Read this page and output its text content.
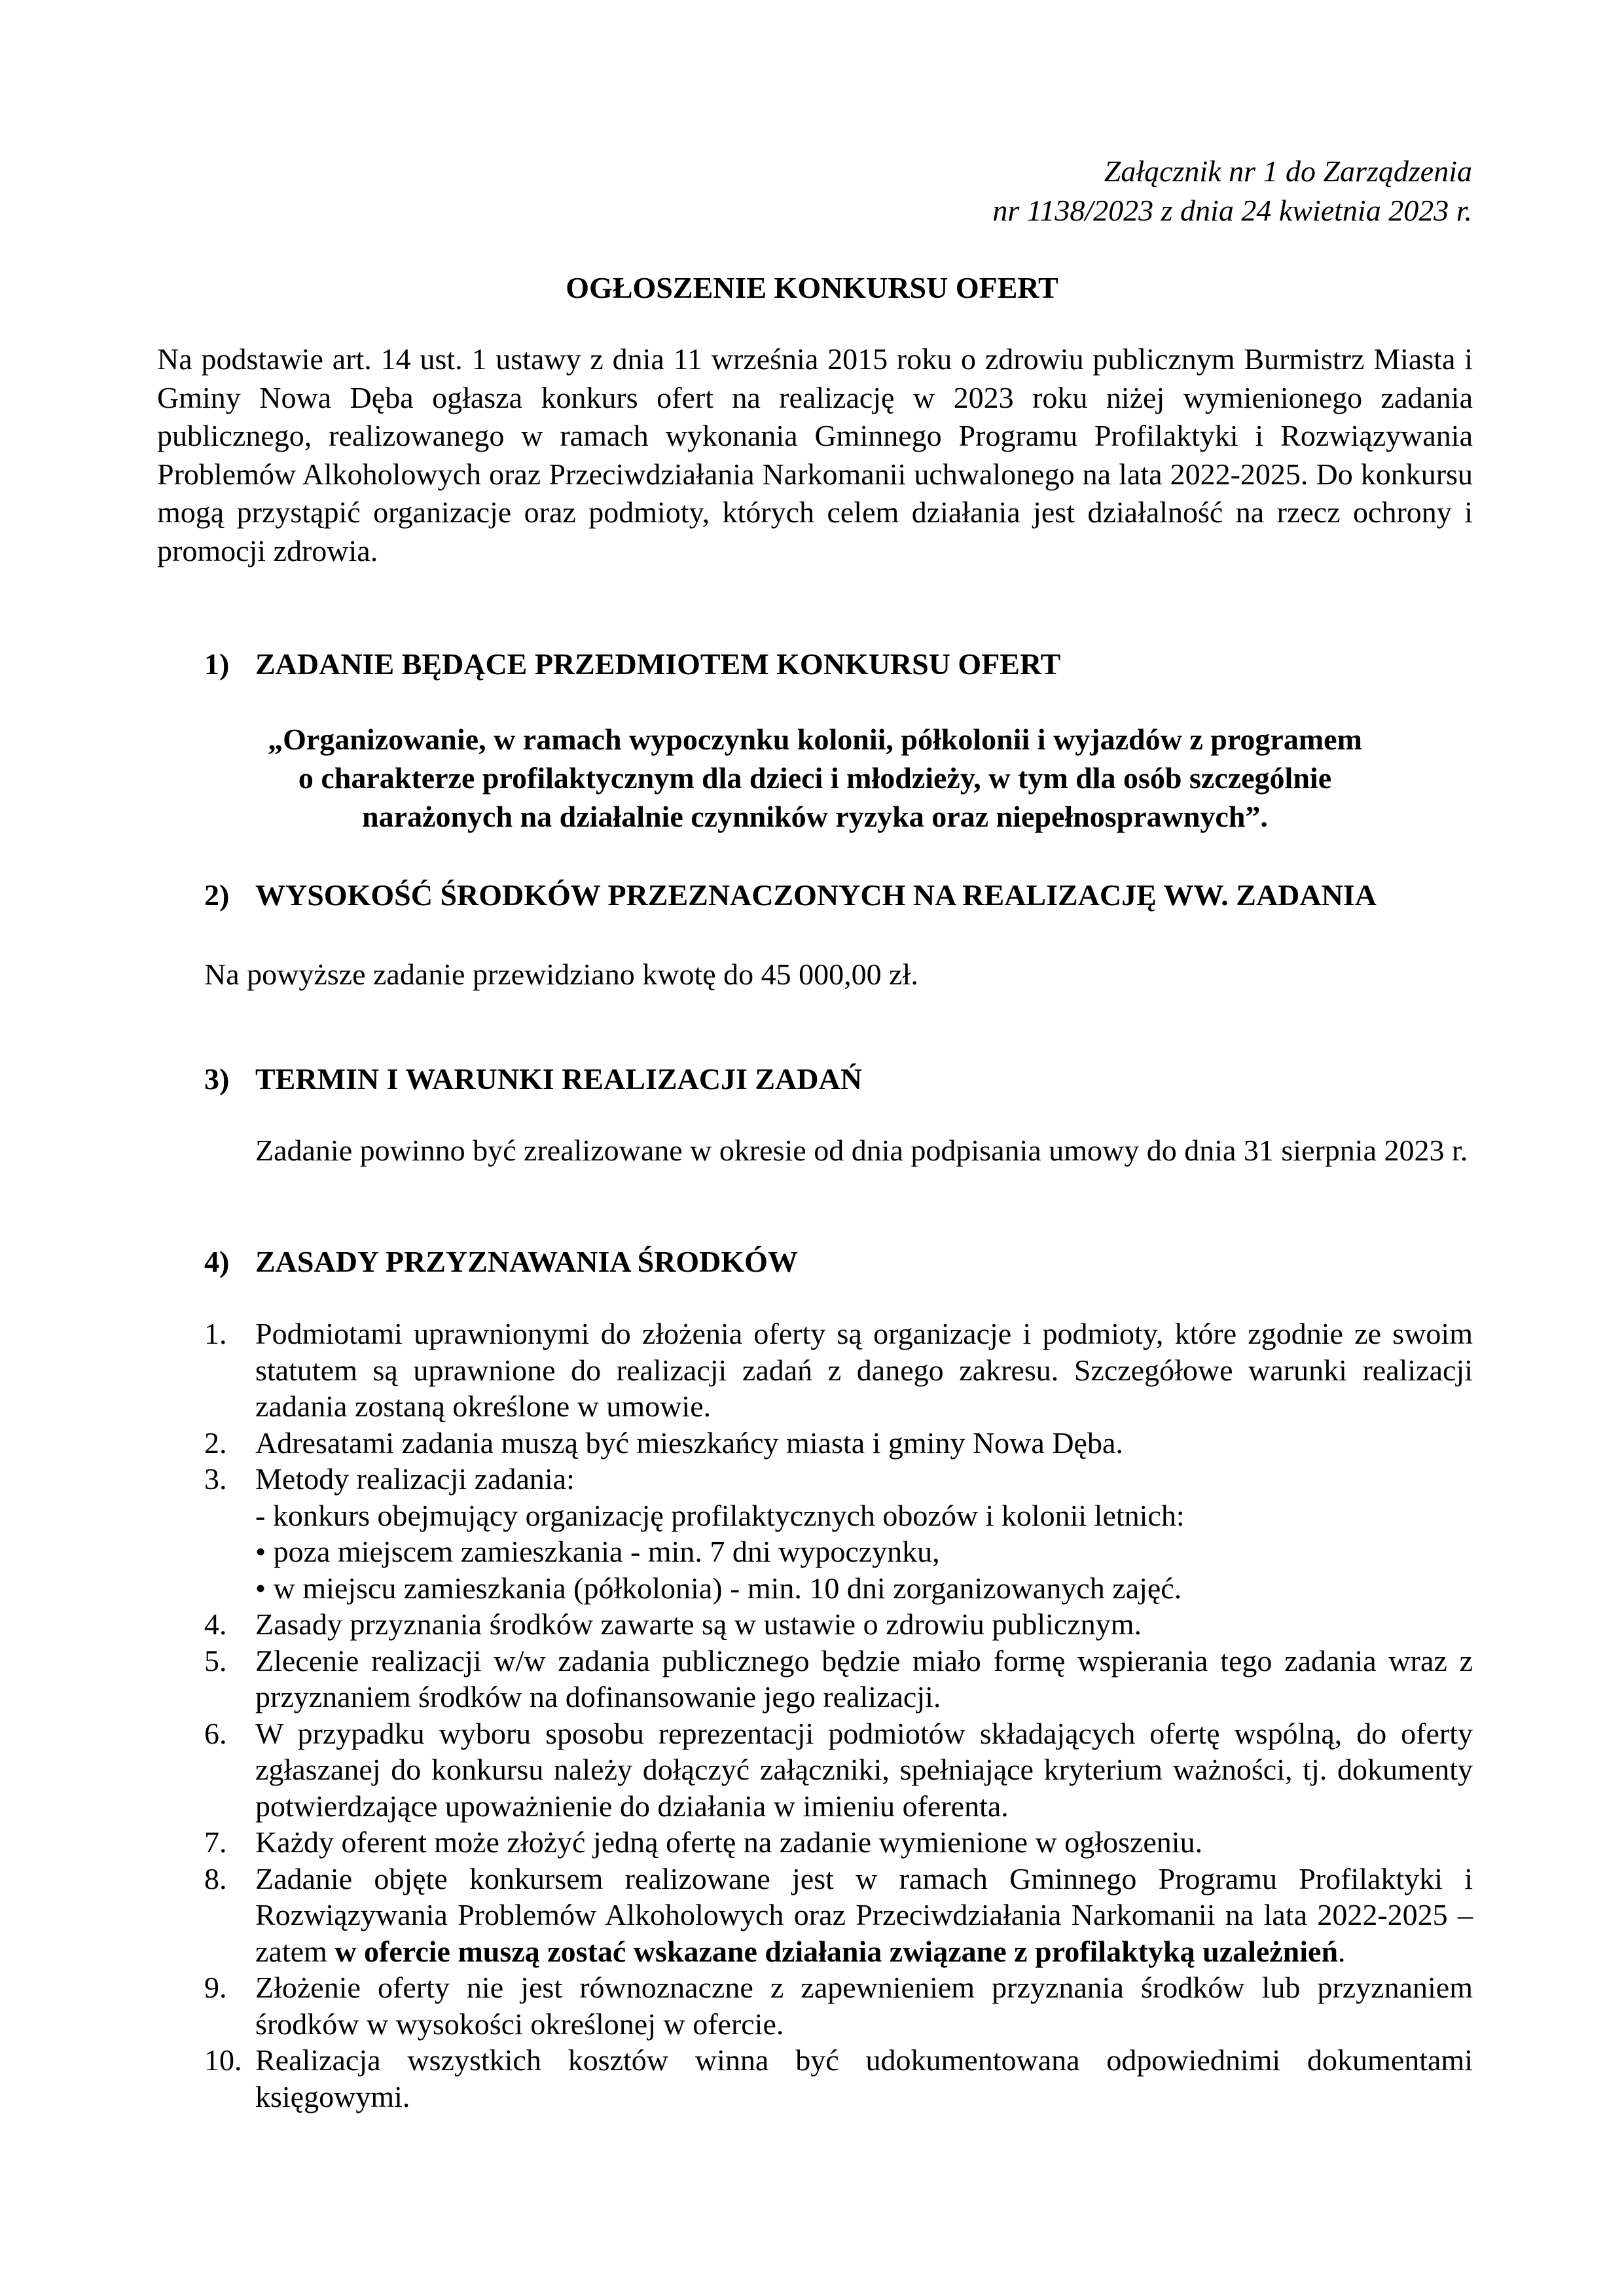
Załącznik nr 1 do Zarządzenia
nr 1138/2023 z dnia 24 kwietnia 2023 r.
OGŁOSZENIE KONKURSU OFERT
Na podstawie art. 14 ust. 1 ustawy z dnia 11 września 2015 roku o zdrowiu publicznym Burmistrz Miasta i Gminy Nowa Dęba ogłasza konkurs ofert na realizację w 2023 roku niżej wymienionego zadania publicznego, realizowanego w ramach wykonania Gminnego Programu Profilaktyki i Rozwiązywania Problemów Alkoholowych oraz Przeciwdziałania Narkomanii uchwalonego na lata 2022-2025. Do konkursu mogą przystąpić organizacje oraz podmioty, których celem działania jest działalność na rzecz ochrony i promocji zdrowia.
1) ZADANIE BĘDĄCE PRZEDMIOTEM KONKURSU OFERT
„Organizowanie, w ramach wypoczynku kolonii, półkolonii i wyjazdów z programem
o charakterze profilaktycznym dla dzieci i młodzieży, w tym dla osób szczególnie
narażonych na działalnie czynników ryzyka oraz niepełnosprawnych”.
2) WYSOKOŚĆ ŚRODKÓW PRZEZNACZONYCH NA REALIZACJĘ WW. ZADANIA
Na powyższe zadanie przewidziano kwotę do 45 000,00 zł.
3) TERMIN I WARUNKI REALIZACJI ZADAŃ
Zadanie powinno być zrealizowane w okresie od dnia podpisania umowy do dnia 31 sierpnia 2023 r.
4) ZASADY PRZYZNAWANIA ŚRODKÓW
1. Podmiotami uprawnionymi do złożenia oferty są organizacje i podmioty, które zgodnie ze swoim statutem są uprawnione do realizacji zadań z danego zakresu. Szczegółowe warunki realizacji zadania zostaną określone w umowie.
2. Adresatami zadania muszą być mieszkańcy miasta i gminy Nowa Dęba.
3. Metody realizacji zadania:
- konkurs obejmujący organizację profilaktycznych obozów i kolonii letnich:
• poza miejscem zamieszkania - min. 7 dni wypoczynku,
• w miejscu zamieszkania (półkolonia) - min. 10 dni zorganizowanych zajęć.
4. Zasady przyznania środków zawarte są w ustawie o zdrowiu publicznym.
5. Zlecenie realizacji w/w zadania publicznego będzie miało formę wspierania tego zadania wraz z przyznaniem środków na dofinansowanie jego realizacji.
6. W przypadku wyboru sposobu reprezentacji podmiotów składających ofertę wspólną, do oferty zgłaszanej do konkursu należy dołączyć załączniki, spełniające kryterium ważności, tj. dokumenty potwierdzające upoważnienie do działania w imieniu oferenta.
7. Każdy oferent może złożyć jedną ofertę na zadanie wymienione w ogłoszeniu.
8. Zadanie objęte konkursem realizowane jest w ramach Gminnego Programu Profilaktyki i Rozwiązywania Problemów Alkoholowych oraz Przeciwdziałania Narkomanii na lata 2022-2025 – zatem w ofercie muszą zostać wskazane działania związane z profilaktyką uzależnień.
9. Złożenie oferty nie jest równoznaczne z zapewnieniem przyznania środków lub przyznaniem środków w wysokości określonej w ofercie.
10. Realizacja wszystkich kosztów winna być udokumentowana odpowiednimi dokumentami księgowymi.
